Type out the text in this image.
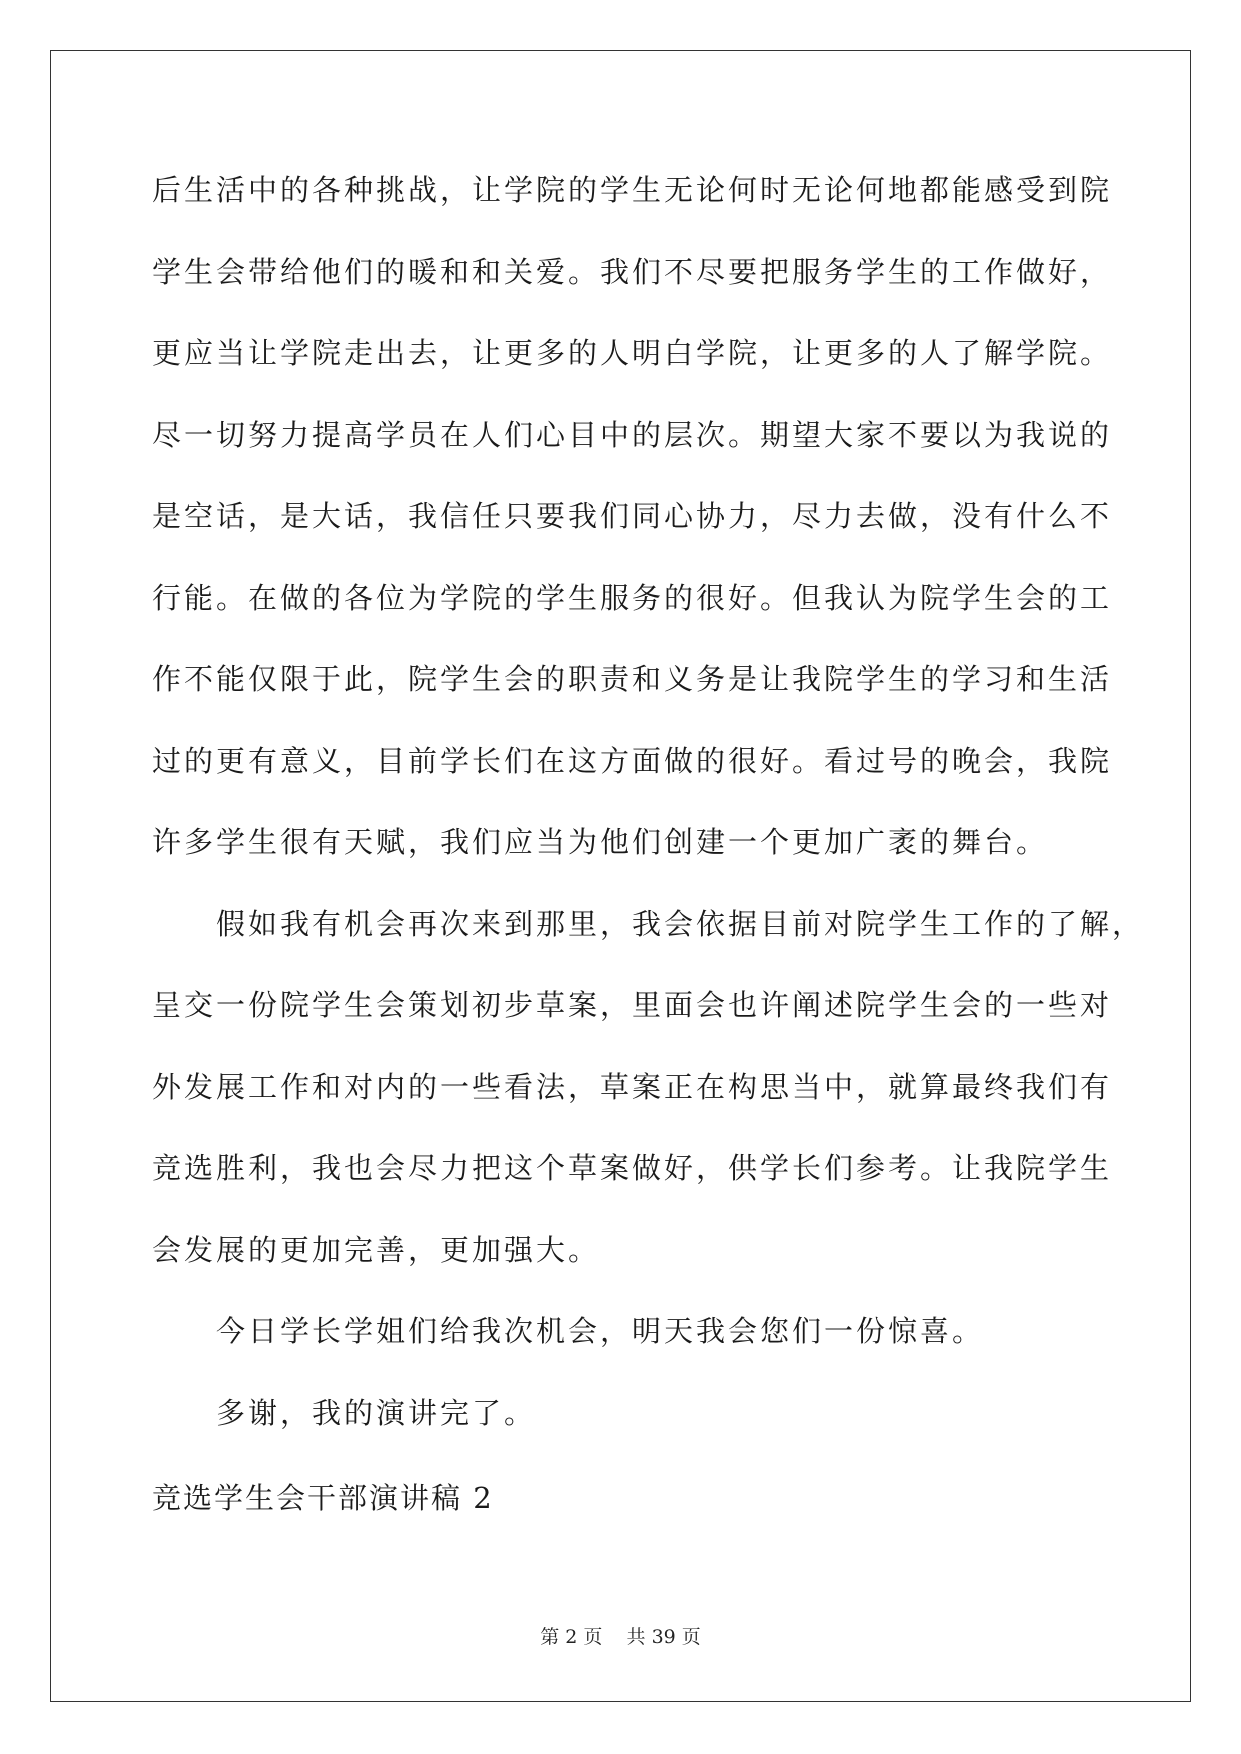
后生活中的各种挑战，让学院的学生无论何时无论何地都能感受到院
学生会带给他们的暖和和关爱。我们不尽要把服务学生的工作做好，
更应当让学院走出去，让更多的人明白学院，让更多的人了解学院。
尽一切努力提高学员在人们心目中的层次。期望大家不要以为我说的
是空话，是大话，我信任只要我们同心协力，尽力去做，没有什么不
行能。在做的各位为学院的学生服务的很好。但我认为院学生会的工
作不能仅限于此，院学生会的职责和义务是让我院学生的学习和生活
过的更有意义，目前学长们在这方面做的很好。看过号的晚会，我院
许多学生很有天赋，我们应当为他们创建一个更加广袤的舞台。
假如我有机会再次来到那里，我会依据目前对院学生工作的了解，
呈交一份院学生会策划初步草案，里面会也许阐述院学生会的一些对
外发展工作和对内的一些看法，草案正在构思当中，就算最终我们有
竞选胜利，我也会尽力把这个草案做好，供学长们参考。让我院学生
会发展的更加完善，更加强大。
今日学长学姐们给我次机会，明天我会您们一份惊喜。
多谢，我的演讲完了。
竞选学生会干部演讲稿 2
第 2 页    共 39 页
